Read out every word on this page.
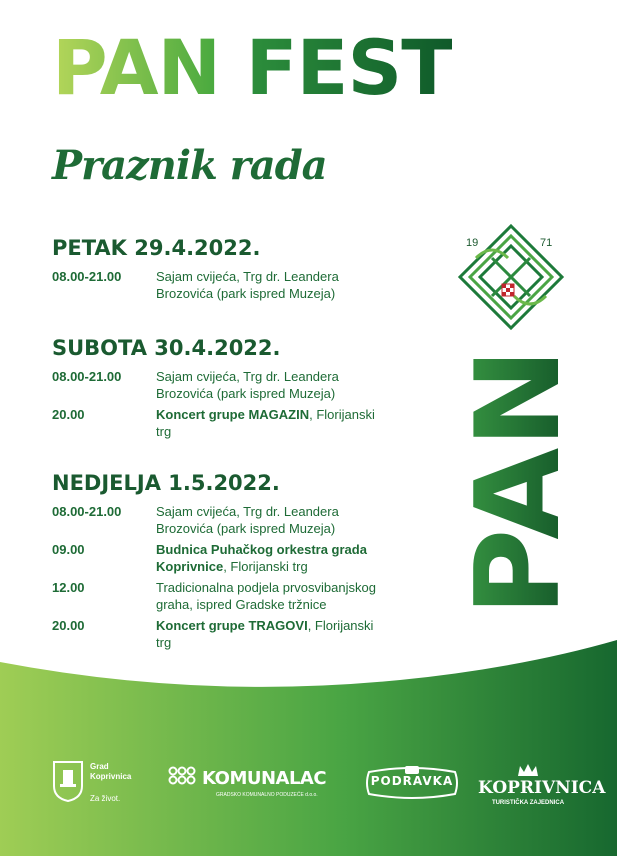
PAN FEST
Praznik rada
PETAK 29.4.2022.
08.00-21.00	Sajam cvijeća, Trg dr. Leandera Brozovića (park ispred Muzeja)
SUBOTA 30.4.2022.
08.00-21.00	Sajam cvijeća, Trg dr. Leandera Brozovića (park ispred Muzeja)
20.00	Koncert grupe MAGAZIN, Florijanski trg
NEDJELJA 1.5.2022.
08.00-21.00	Sajam cvijeća, Trg dr. Leandera Brozovića (park ispred Muzeja)
09.00	Budnica Puhačkog orkestra grada Koprivnice, Florijanski trg
12.00	Tradicionalna podjela prvosvibanjskog graha, ispred Gradske tržnice
20.00	Koncert grupe TRAGOVI, Florijanski trg
19	71
PAN
Grad
Koprivnica
Za život.
KOMUNALAC
GRADSKO KOMUNALNO PODUZEĆE d.o.o.
PODRAVKA	KOPRIVNICA
TURISTIČKA ZAJEDNICA
